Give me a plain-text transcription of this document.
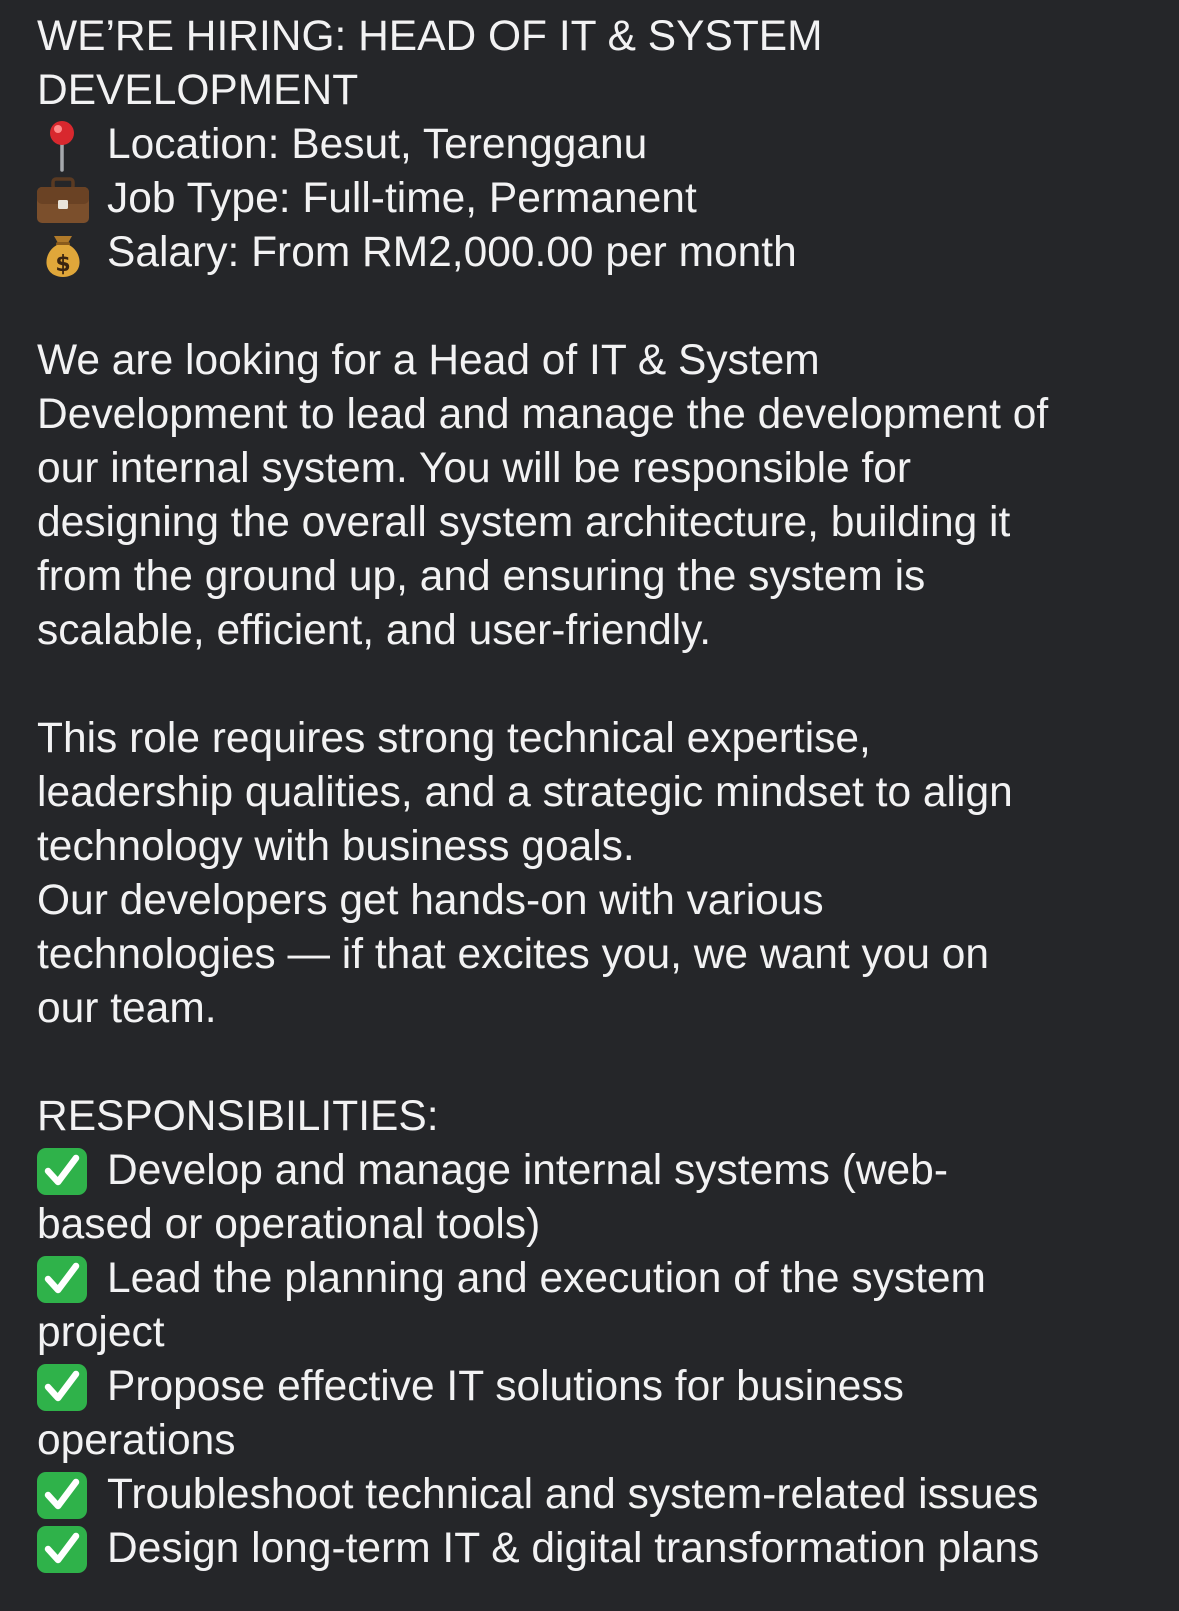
WE’RE HIRING: HEAD OF IT & SYSTEM
DEVELOPMENT
Location: Besut, Terengganu
Job Type: Full-time, Permanent
$ Salary: From RM2,000.00 per month
We are looking for a Head of IT & System
Development to lead and manage the development of
our internal system. You will be responsible for
designing the overall system architecture, building it
from the ground up, and ensuring the system is
scalable, efficient, and user-friendly.
This role requires strong technical expertise,
leadership qualities, and a strategic mindset to align
technology with business goals.
Our developers get hands-on with various
technologies — if that excites you, we want you on
our team.
RESPONSIBILITIES:
Develop and manage internal systems (web-
based or operational tools)
Lead the planning and execution of the system
project
Propose effective IT solutions for business
operations
Troubleshoot technical and system-related issues
Design long-term IT & digital transformation plans
